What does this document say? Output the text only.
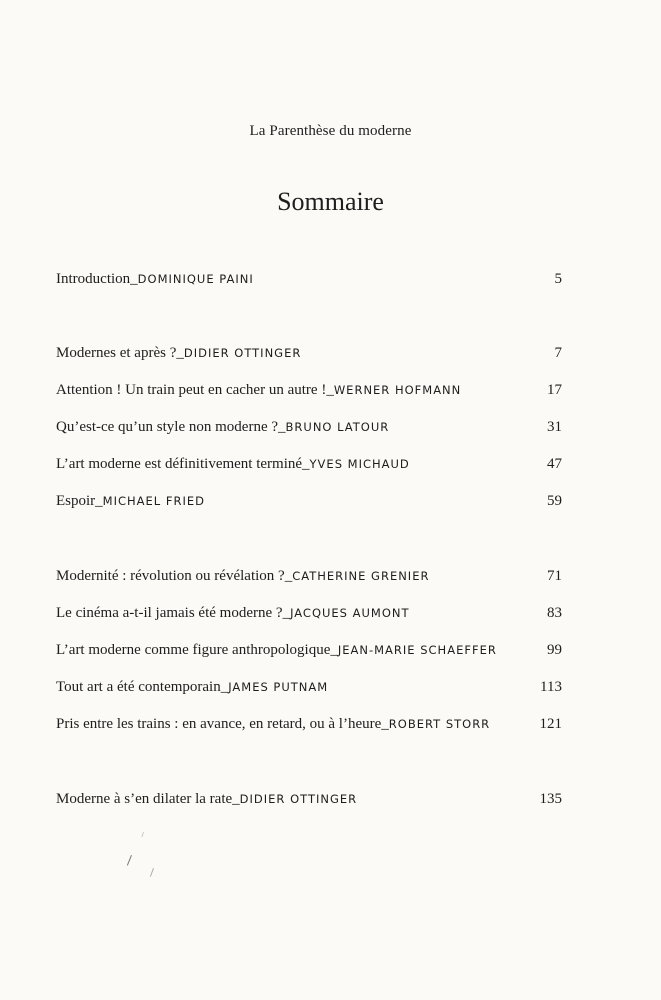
La Parenthèse du moderne
Sommaire
Introduction_DOMINIQUE PAINI	5
Modernes et après ?_DIDIER OTTINGER	7
Attention ! Un train peut en cacher un autre !_WERNER HOFMANN	17
Qu’est-ce qu’un style non moderne ?_BRUNO LATOUR	31
L’art moderne est définitivement terminé_YVES MICHAUD	47
Espoir_MICHAEL FRIED	59
Modernité : révolution ou révélation ?_CATHERINE GRENIER	71
Le cinéma a-t-il jamais été moderne ?_JACQUES AUMONT	83
L’art moderne comme figure anthropologique_JEAN-MARIE SCHAEFFER	99
Tout art a été contemporain_JAMES PUTNAM	113
Pris entre les trains : en avance, en retard, ou à l’heure_ROBERT STORR	121
Moderne à s’en dilater la rate_DIDIER OTTINGER	135
